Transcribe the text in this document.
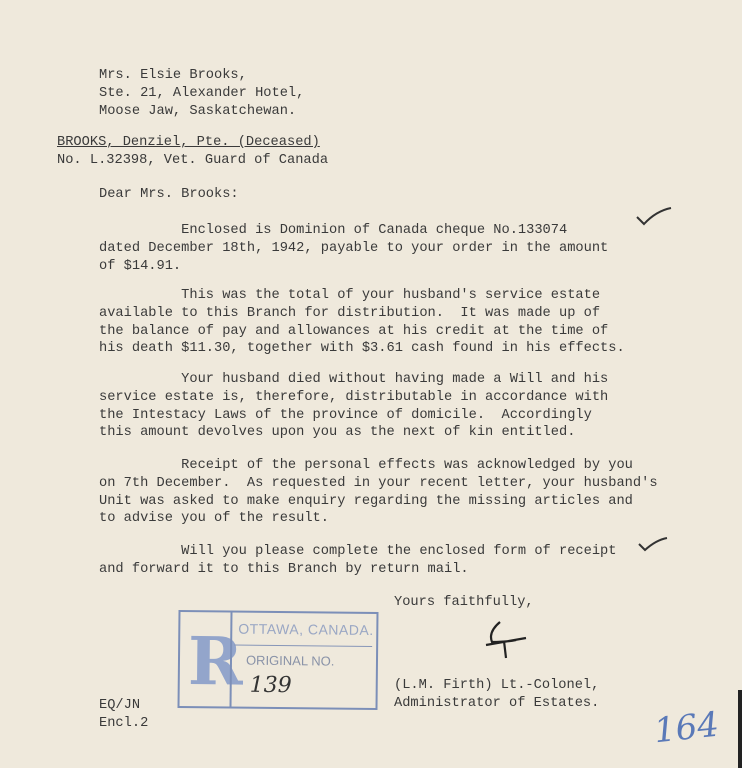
Mrs. Elsie Brooks,
Ste. 21, Alexander Hotel,
Moose Jaw, Saskatchewan.
BROOKS, Denziel, Pte. (Deceased)
No. L.32398, Vet. Guard of Canada
Dear Mrs. Brooks:
Enclosed is Dominion of Canada cheque No.133074
dated December 18th, 1942, payable to your order in the amount
of $14.91.
This was the total of your husband's service estate
available to this Branch for distribution.  It was made up of
the balance of pay and allowances at his credit at the time of
his death $11.30, together with $3.61 cash found in his effects.
Your husband died without having made a Will and his
service estate is, therefore, distributable in accordance with
the Intestacy Laws of the province of domicile.  Accordingly
this amount devolves upon you as the next of kin entitled.
Receipt of the personal effects was acknowledged by you
on 7th December.  As requested in your recent letter, your husband's
Unit was asked to make enquiry regarding the missing articles and
to advise you of the result.
Will you please complete the enclosed form of receipt
and forward it to this Branch by return mail.
Yours faithfully,
(L.M. Firth) Lt.-Colonel,
Administrator of Estates.
EQ/JN
Encl.2
R
OTTAWA, CANADA.
ORIGINAL NO.
139
164
